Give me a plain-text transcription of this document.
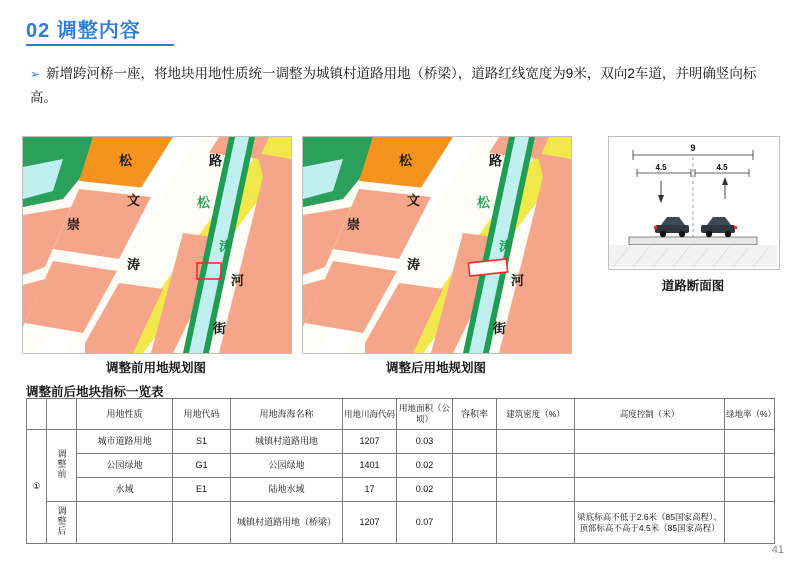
02 调整内容
➢ 新增跨河桥一座，将地块用地性质统一调整为城镇村道路用地（桥梁），道路红线宽度为9米，双向2车道，并明确竖向标高。
松	路
文
崇
涛
河
街
松
涛
调整前用地规划图
松	路
文
崇
涛
河
街
松
涛
调整后用地规划图
9
4.5	4.5
道路断面图
调整前后地块指标一览表
		用地性质	用地代码	用地海海名称	用地川海代码	用地面积（公顷）	容积率	建筑密度（%）	高度控制（米）	绿地率（%）
①	调整前	城市道路用地	S1	城镇村道路用地	1207	0.03				
		公园绿地	G1	公园绿地	1401	0.02				
		水域	E1	陆地水域	17	0.02				
	调整后			城镇村道路用地（桥梁）	1207	0.07			梁底标高不低于2.6米（85国家高程）、顶部标高不高于4.5米（85国家高程）	
41
